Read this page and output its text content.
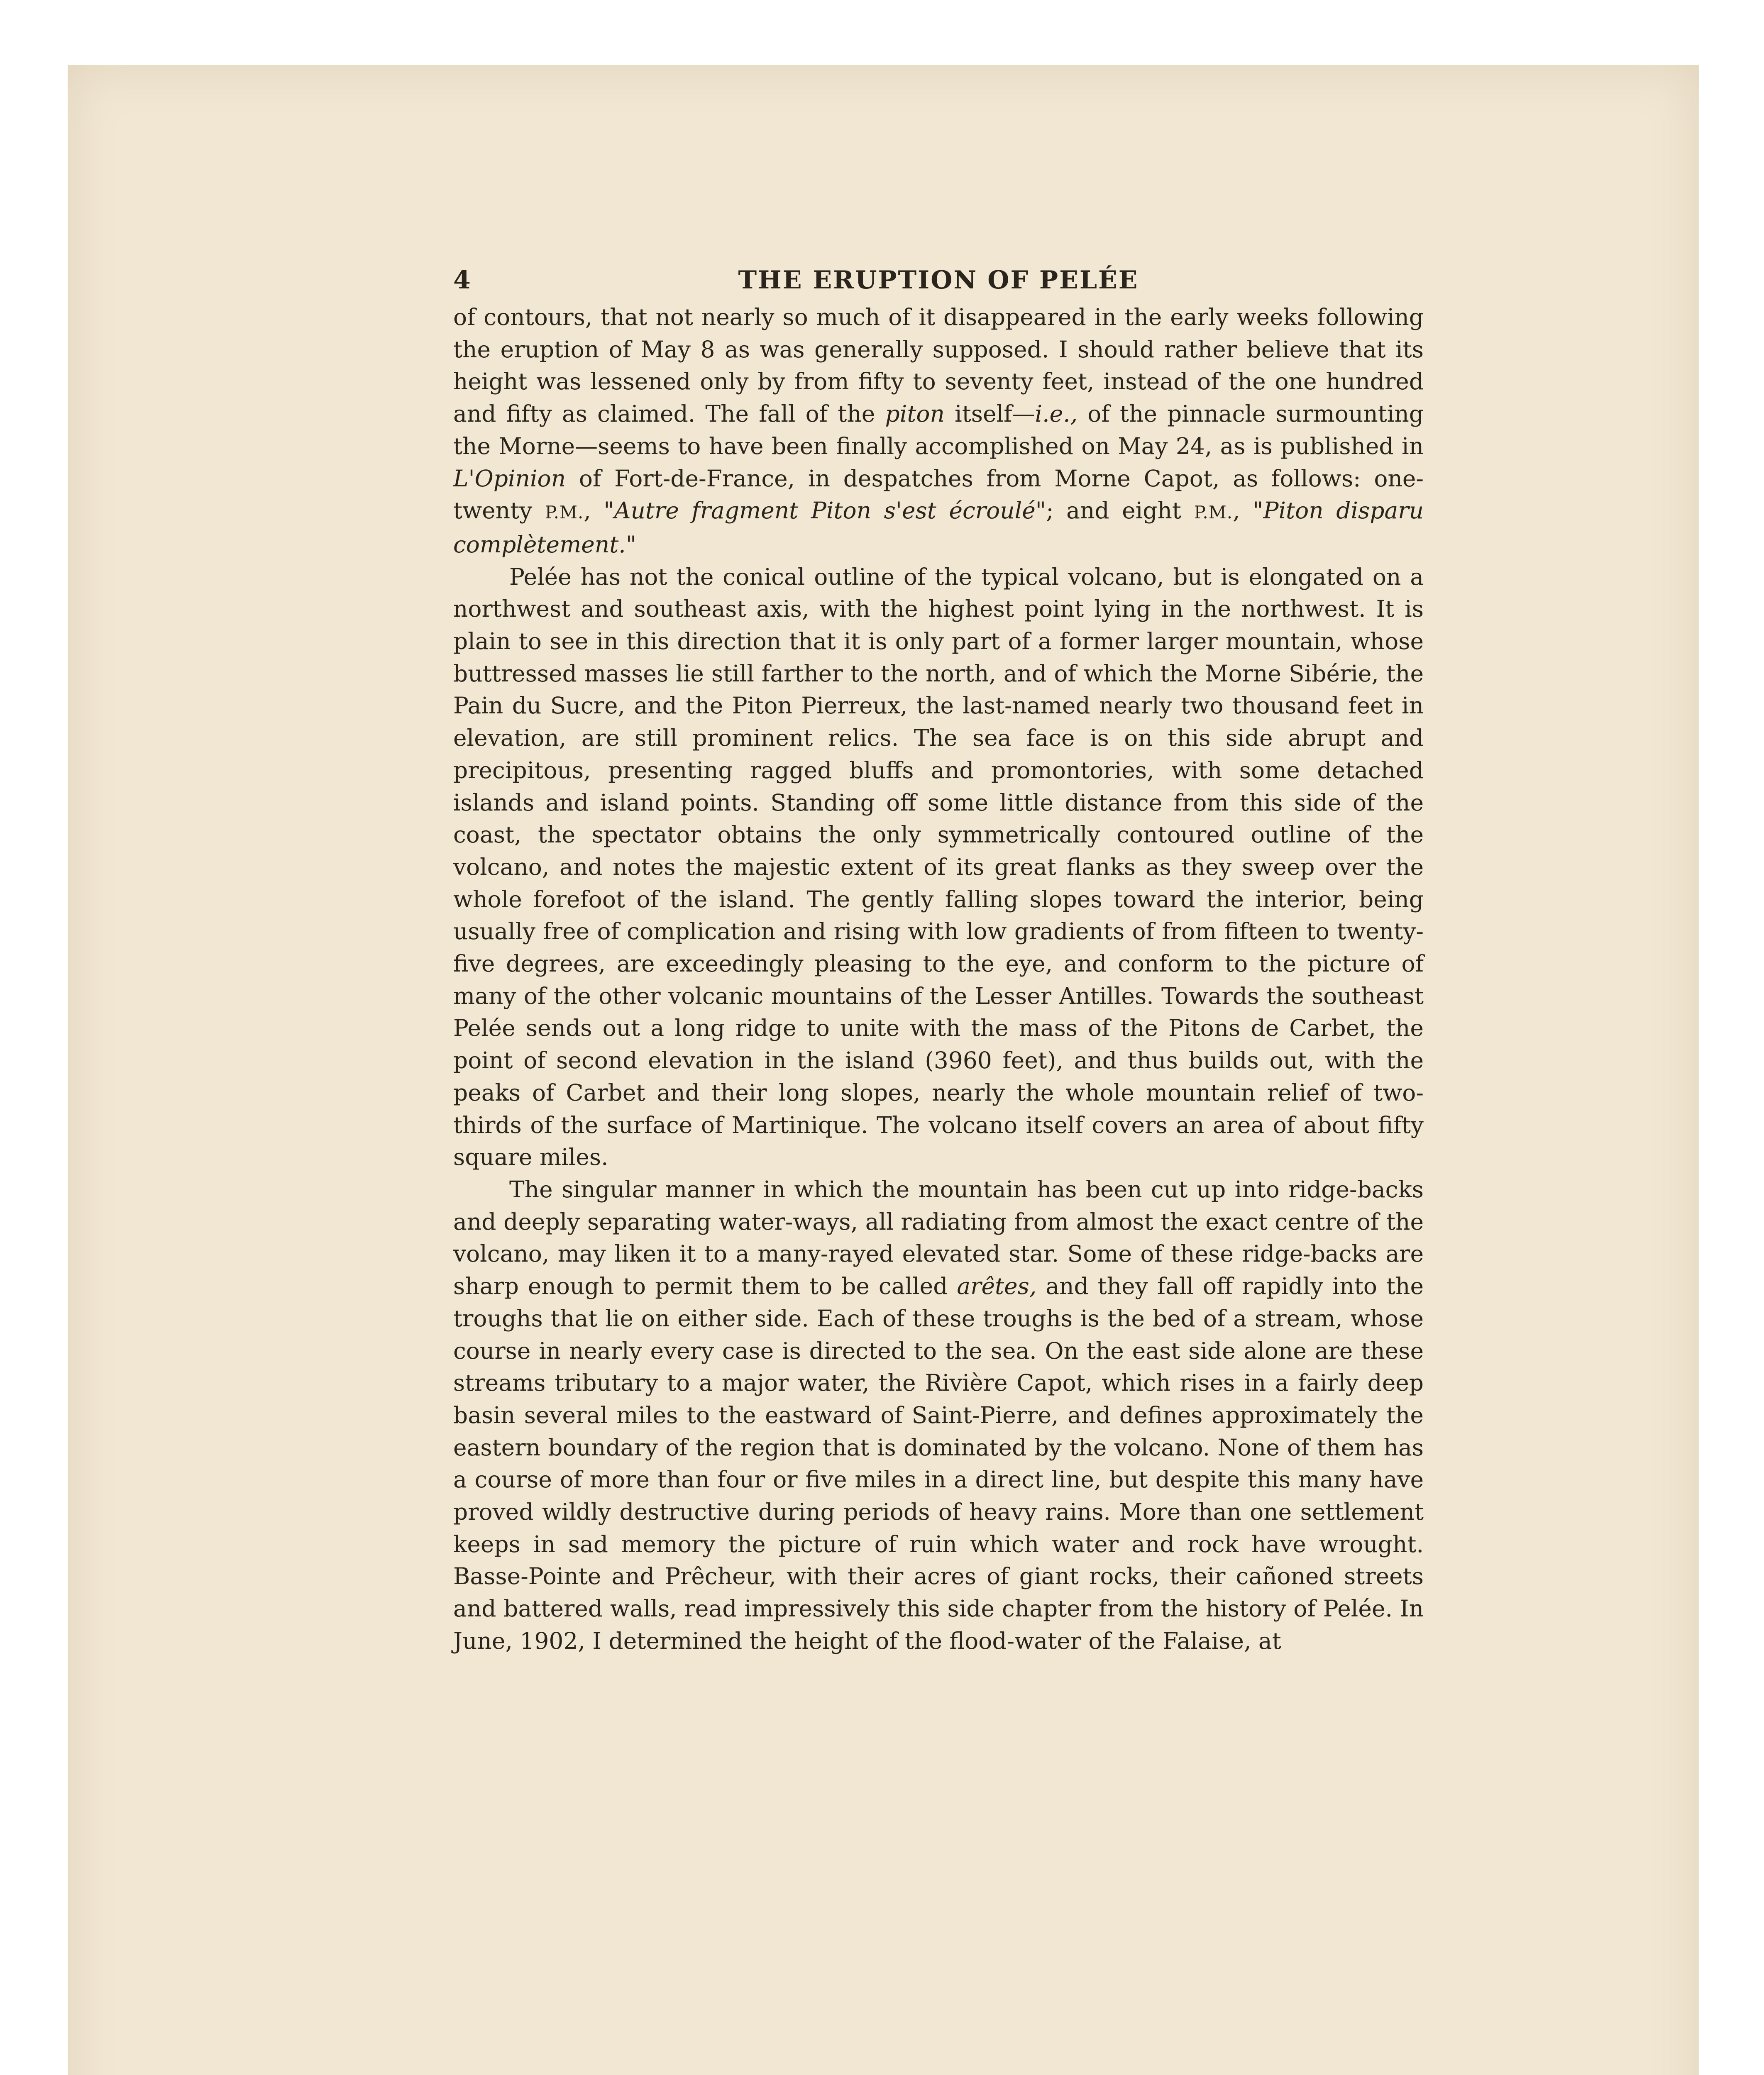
4	THE ERUPTION OF PELÉE

of contours, that not nearly so much of it disappeared in the early weeks following the eruption of May 8 as was generally supposed. I should rather believe that its height was lessened only by from fifty to seventy feet, instead of the one hundred and fifty as claimed. The fall of the piton itself—i.e., of the pinnacle surmounting the Morne—seems to have been finally accomplished on May 24, as is published in L'Opinion of Fort-de-France, in despatches from Morne Capot, as follows: one-twenty P.M., "Autre fragment Piton s'est écroulé"; and eight P.M., "Piton disparu complètement."

Pelée has not the conical outline of the typical volcano, but is elongated on a northwest and southeast axis, with the highest point lying in the northwest. It is plain to see in this direction that it is only part of a former larger mountain, whose buttressed masses lie still farther to the north, and of which the Morne Sibérie, the Pain du Sucre, and the Piton Pierreux, the last-named nearly two thousand feet in elevation, are still prominent relics. The sea face is on this side abrupt and precipitous, presenting ragged bluffs and promontories, with some detached islands and island points. Standing off some little distance from this side of the coast, the spectator obtains the only symmetrically contoured outline of the volcano, and notes the majestic extent of its great flanks as they sweep over the whole forefoot of the island. The gently falling slopes toward the interior, being usually free of complication and rising with low gradients of from fifteen to twenty-five degrees, are exceedingly pleasing to the eye, and conform to the picture of many of the other volcanic mountains of the Lesser Antilles. Towards the southeast Pelée sends out a long ridge to unite with the mass of the Pitons de Carbet, the point of second elevation in the island (3960 feet), and thus builds out, with the peaks of Carbet and their long slopes, nearly the whole mountain relief of two-thirds of the surface of Martinique. The volcano itself covers an area of about fifty square miles.

The singular manner in which the mountain has been cut up into ridge-backs and deeply separating water-ways, all radiating from almost the exact centre of the volcano, may liken it to a many-rayed elevated star. Some of these ridge-backs are sharp enough to permit them to be called arêtes, and they fall off rapidly into the troughs that lie on either side. Each of these troughs is the bed of a stream, whose course in nearly every case is directed to the sea. On the east side alone are these streams tributary to a major water, the Rivière Capot, which rises in a fairly deep basin several miles to the eastward of Saint-Pierre, and defines approximately the eastern boundary of the region that is dominated by the volcano. None of them has a course of more than four or five miles in a direct line, but despite this many have proved wildly destructive during periods of heavy rains. More than one settlement keeps in sad memory the picture of ruin which water and rock have wrought. Basse-Pointe and Prêcheur, with their acres of giant rocks, their cañoned streets and battered walls, read impressively this side chapter from the history of Pelée. In June, 1902, I determined the height of the flood-water of the Falaise, at
